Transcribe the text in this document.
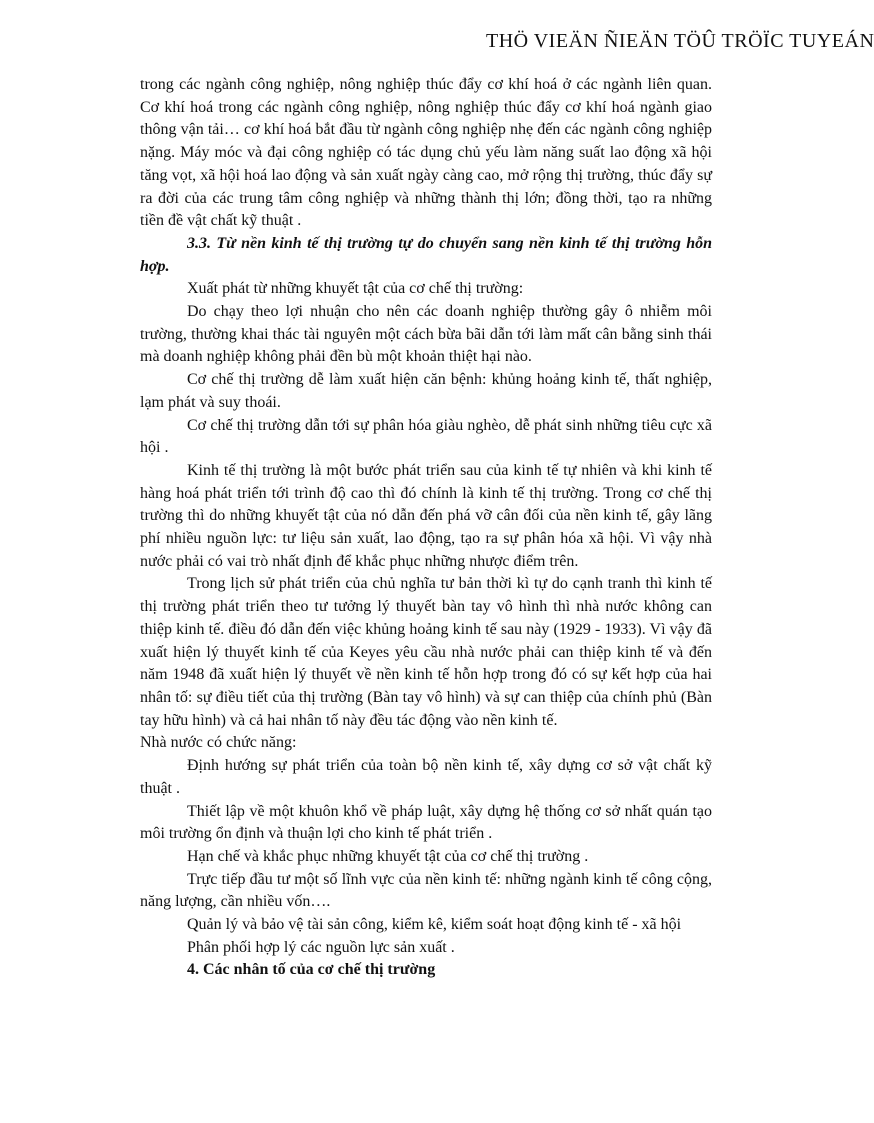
THÖ VIEÄN ÑIEÄN TÖÛ TRÖÏC TUYEÁN

trong các ngành công nghiệp, nông nghiệp thúc đẩy cơ khí hoá ở các ngành liên quan. Cơ khí hoá trong các ngành công nghiệp, nông nghiệp thúc đẩy cơ khí hoá ngành giao thông vận tải… cơ khí hoá bắt đầu từ ngành công nghiệp nhẹ đến các ngành công nghiệp nặng. Máy móc và đại công nghiệp có tác dụng chủ yếu làm năng suất lao động xã hội tăng vọt, xã hội hoá lao động và sản xuất ngày càng cao, mở rộng thị trường, thúc đẩy sự ra đời của các trung tâm công nghiệp và những thành thị lớn; đồng thời, tạo ra những tiền đề vật chất kỹ thuật .

3.3. Từ nền kinh tế thị trường tự do chuyển sang nền kinh tế thị trường hỗn hợp.

Xuất phát từ những khuyết tật của cơ chế thị trường:

Do chạy theo lợi nhuận cho nên các doanh nghiệp thường gây ô nhiễm môi trường, thường khai thác tài nguyên một cách bừa bãi dẫn tới làm mất cân bằng sinh thái mà doanh nghiệp không phải đền bù một khoản thiệt hại nào.

Cơ chế thị trường dễ làm xuất hiện căn bệnh: khủng hoảng kinh tế, thất nghiệp, lạm phát và suy thoái.

Cơ chế thị trường dẫn tới sự phân hóa giàu nghèo, dễ phát sinh những tiêu cực xã hội .

Kinh tế thị trường là một bước phát triển sau của kinh tế tự nhiên và khi kinh tế hàng hoá phát triển tới trình độ cao thì đó chính là kinh tế thị trường. Trong cơ chế thị trường thì do những khuyết tật của nó dẫn đến phá vỡ cân đối của nền kinh tế, gây lãng phí nhiều nguồn lực: tư liệu sản xuất, lao động, tạo ra sự phân hóa xã hội. Vì vậy nhà nước phải có vai trò nhất định để khắc phục những nhược điểm trên.

Trong lịch sử phát triển của chủ nghĩa tư bản thời kì tự do cạnh tranh thì kinh tế thị trường phát triển theo tư tưởng lý thuyết bàn tay vô hình thì nhà nước không can thiệp kinh tế. điều đó dẫn đến việc khủng hoảng kinh tế sau này (1929 - 1933). Vì vậy đã xuất hiện lý thuyết kinh tế của Keyes yêu cầu nhà nước phải can thiệp kinh tế và đến năm 1948 đã xuất hiện lý thuyết về nền kinh tế hỗn hợp trong đó có sự kết hợp của hai nhân tố: sự điều tiết của thị trường (Bàn tay vô hình) và sự can thiệp của chính phủ (Bàn tay hữu hình) và cả hai nhân tố này đều tác động vào nền kinh tế.

Nhà nước có chức năng:

Định hướng sự phát triển của toàn bộ nền kinh tế, xây dựng cơ sở vật chất kỹ thuật .

Thiết lập về một khuôn khổ về pháp luật, xây dựng hệ thống cơ sở nhất quán tạo môi trường ổn định và thuận lợi cho kinh tế phát triển .

Hạn chế và khắc phục những khuyết tật của cơ chế thị trường .

Trực tiếp đầu tư một số lĩnh vực của nền kinh tế: những ngành kinh tế công cộng, năng lượng, cần nhiều vốn….

Quản lý và bảo vệ tài sản công, kiểm kê, kiểm soát hoạt động kinh tế - xã hội

Phân phối hợp lý các nguồn lực sản xuất .

4. Các nhân tố của cơ chế thị trường
